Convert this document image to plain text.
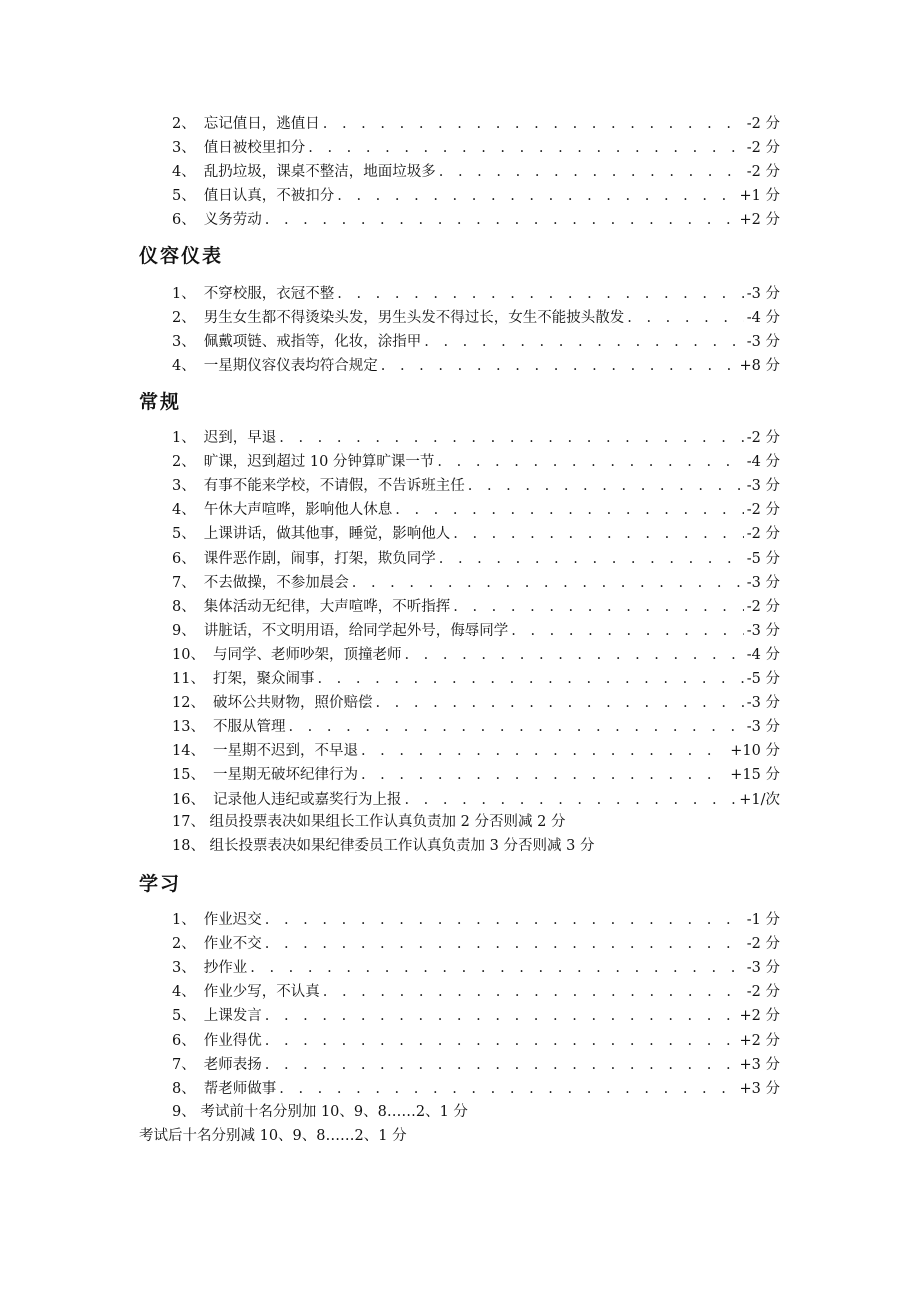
2、 忘记值日，逃值日 . . .	-2 分
3、 值日被校里扣分 . . .	-2 分
4、 乱扔垃圾，课桌不整洁，地面垃圾多 . . .	-2 分
5、 值日认真，不被扣分 . . .	+1 分
6、 义务劳动 . . .	+2 分
仪容仪表
1、 不穿校服，衣冠不整 . . .	-3 分
2、 男生女生都不得烫染头发，男生头发不得过长，女生不能披头散发 . . .	-4 分
3、 佩戴项链、戒指等，化妆，涂指甲 . . .	-3 分
4、 一星期仪容仪表均符合规定 . . .	+8 分
常规
1、 迟到，早退 . . .	-2 分
2、 旷课，迟到超过 10 分钟算旷课一节 . . .	-4 分
3、 有事不能来学校，不请假，不告诉班主任 . . .	-3 分
4、 午休大声喧哗，影响他人休息 . . .	-2 分
5、 上课讲话，做其他事，睡觉，影响他人 . . .	-2 分
6、 课件恶作剧，闹事，打架，欺负同学 . . .	-5 分
7、 不去做操，不参加晨会 . . .	-3 分
8、 集体活动无纪律，大声喧哗，不听指挥 . . .	-2 分
9、 讲脏话，不文明用语，给同学起外号，侮辱同学 . . .	-3 分
10、 与同学、老师吵架，顶撞老师 . . .	-4 分
11、 打架，聚众闹事 . . .	-5 分
12、 破坏公共财物，照价赔偿 . . .	-3 分
13、 不服从管理 . . .	-3 分
14、 一星期不迟到，不早退 . . .	+10 分
15、 一星期无破坏纪律行为 . . .	+15 分
16、 记录他人违纪或嘉奖行为上报 . . .	+1/次
17、 组员投票表决如果组长工作认真负责加 2 分否则减 2 分
18、 组长投票表决如果纪律委员工作认真负责加 3 分否则减 3 分
学习
1、 作业迟交 . . .	-1 分
2、 作业不交 . . .	-2 分
3、 抄作业 . . .	-3 分
4、 作业少写，不认真 . . .	-2 分
5、 上课发言 . . .	+2 分
6、 作业得优 . . .	+2 分
7、 老师表扬 . . .	+3 分
8、 帮老师做事 . . .	+3 分
9、 考试前十名分别加 10、9、8……2、1 分
考试后十名分别减 10、9、8……2、1 分
